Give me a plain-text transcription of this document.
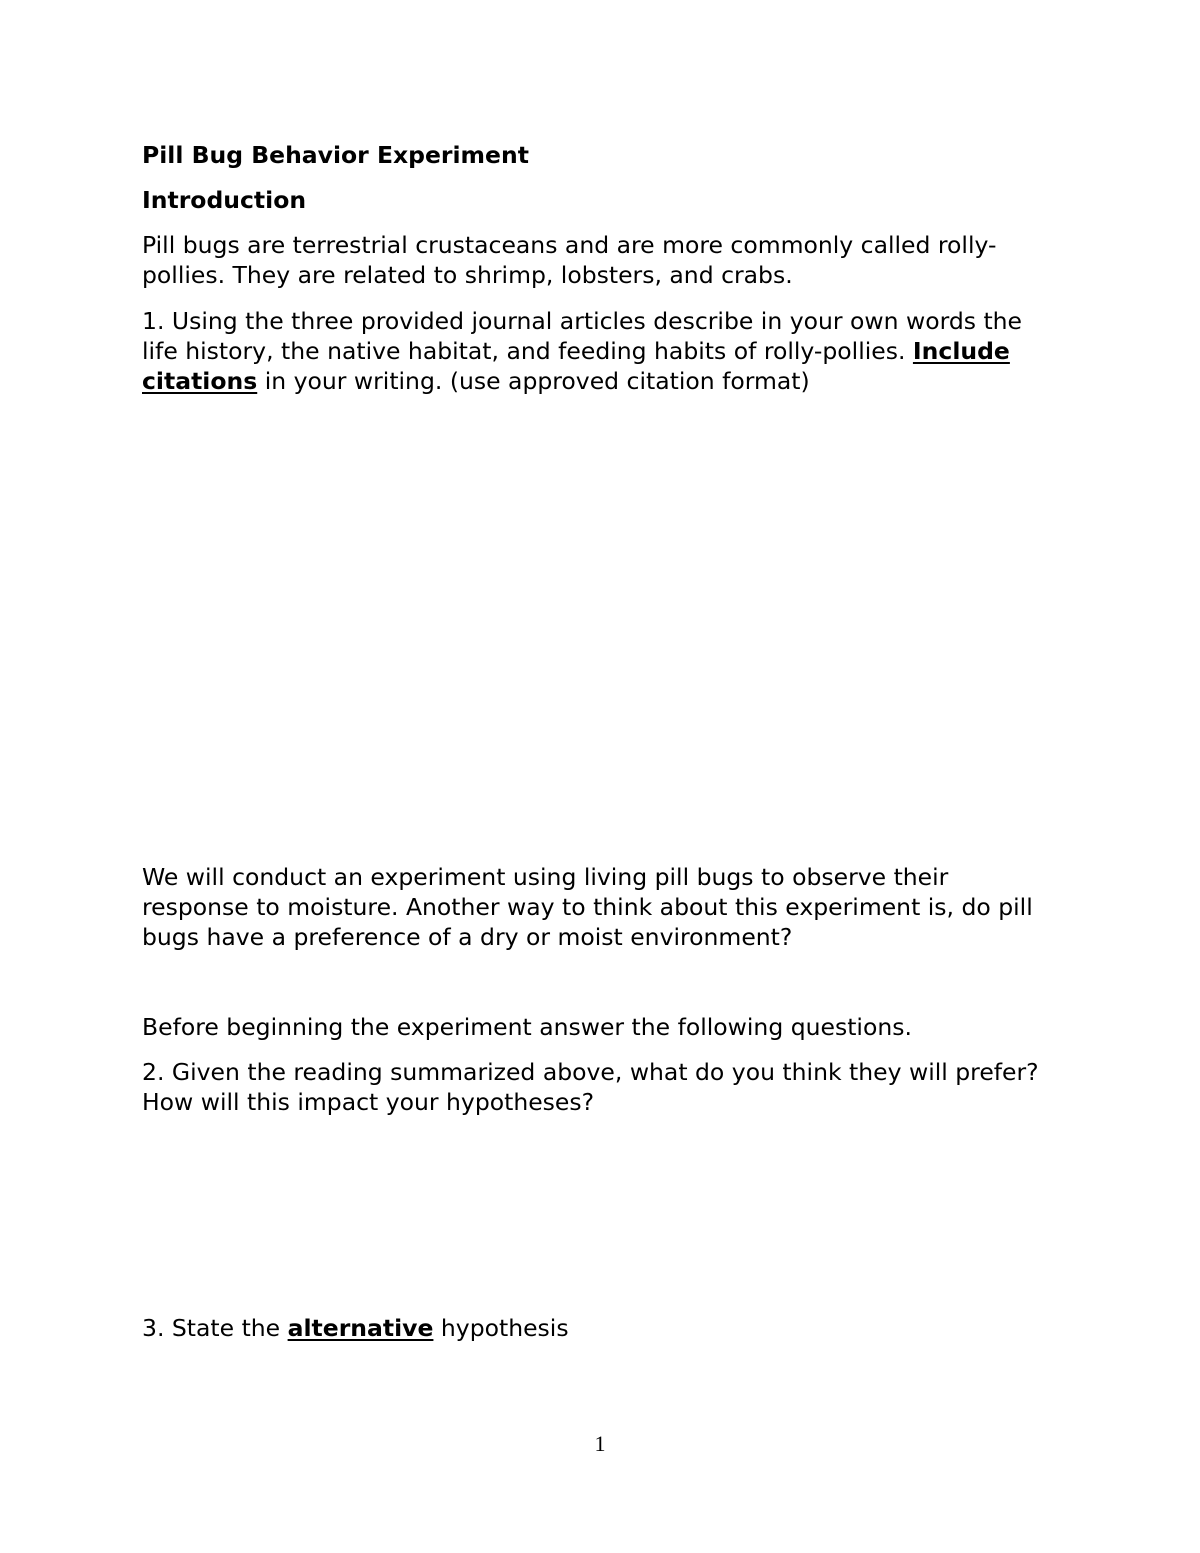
Pill Bug Behavior Experiment

Introduction

Pill bugs are terrestrial crustaceans and are more commonly called rolly-

pollies. They are related to shrimp, lobsters, and crabs.

1. Using the three provided journal articles describe in your own words the

life history, the native habitat, and feeding habits of rolly-pollies. Include

citations in your writing. (use approved citation format)

We will conduct an experiment using living pill bugs to observe their

response to moisture. Another way to think about this experiment is, do pill

bugs have a preference of a dry or moist environment?

Before beginning the experiment answer the following questions.

2. Given the reading summarized above, what do you think they will prefer?

How will this impact your hypotheses?

3. State the alternative hypothesis

1
